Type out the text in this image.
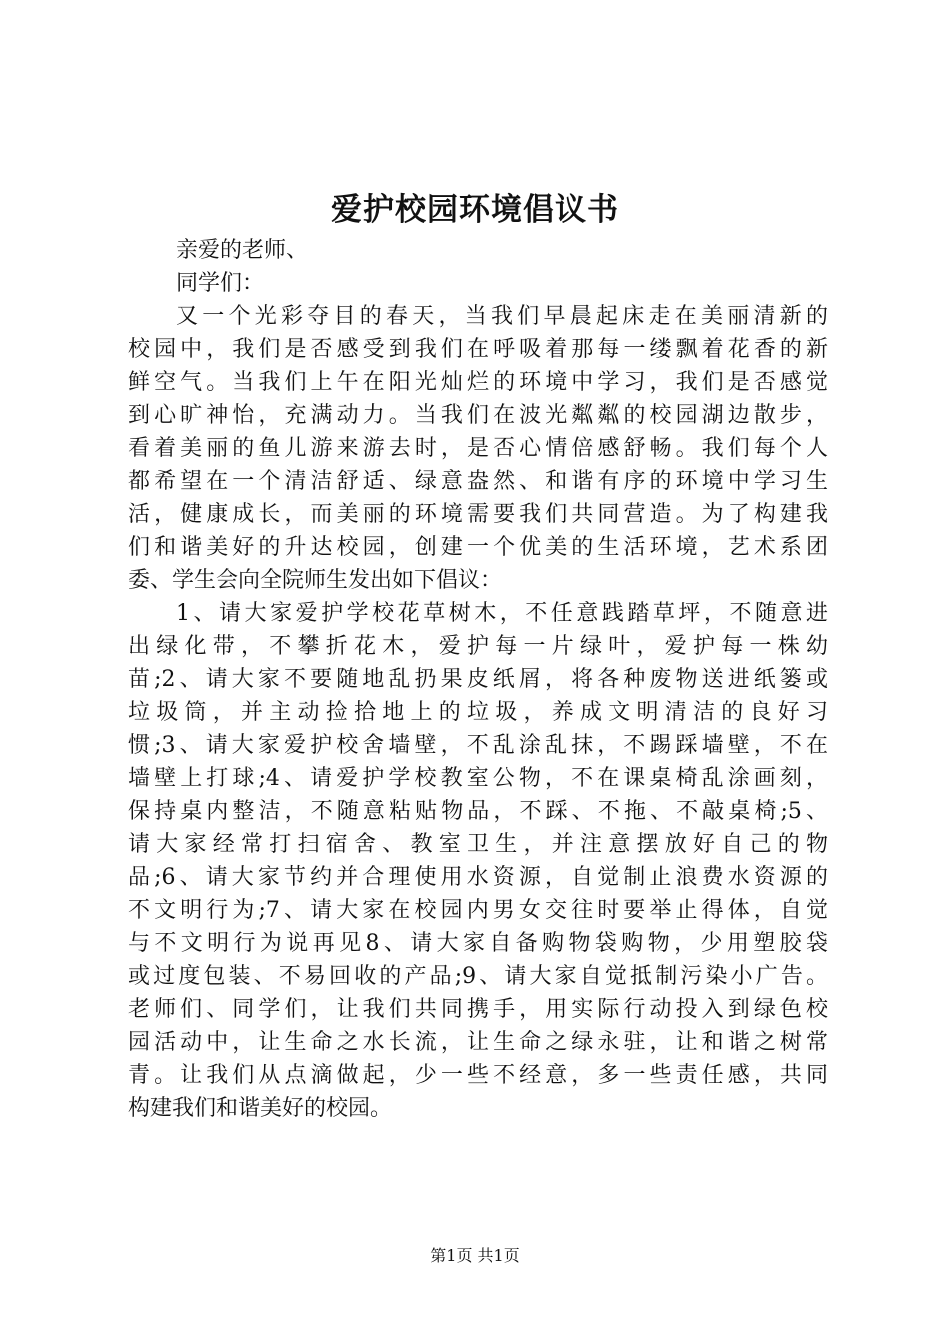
爱护校园环境倡议书
亲爱的老师、
同学们：
又一个光彩夺目的春天，当我们早晨起床走在美丽清新的
校园中，我们是否感受到我们在呼吸着那每一缕飘着花香的新
鲜空气。当我们上午在阳光灿烂的环境中学习，我们是否感觉
到心旷神怡，充满动力。当我们在波光粼粼的校园湖边散步，
看着美丽的鱼儿游来游去时，是否心情倍感舒畅。我们每个人
都希望在一个清洁舒适、绿意盎然、和谐有序的环境中学习生
活，健康成长，而美丽的环境需要我们共同营造。为了构建我
们和谐美好的升达校园，创建一个优美的生活环境，艺术系团
委、学生会向全院师生发出如下倡议：
1、请大家爱护学校花草树木，不任意践踏草坪，不随意进
出绿化带，不攀折花木，爱护每一片绿叶，爱护每一株幼
苗;2、请大家不要随地乱扔果皮纸屑，将各种废物送进纸篓或
垃圾筒，并主动捡拾地上的垃圾，养成文明清洁的良好习
惯;3、请大家爱护校舍墙壁，不乱涂乱抹，不踢踩墙壁，不在
墙壁上打球;4、请爱护学校教室公物，不在课桌椅乱涂画刻，
保持桌内整洁，不随意粘贴物品，不踩、不拖、不敲桌椅;5、
请大家经常打扫宿舍、教室卫生，并注意摆放好自己的物
品;6、请大家节约并合理使用水资源，自觉制止浪费水资源的
不文明行为;7、请大家在校园内男女交往时要举止得体，自觉
与不文明行为说再见8、请大家自备购物袋购物，少用塑胶袋
或过度包装、不易回收的产品;9、请大家自觉抵制污染小广告。
老师们、同学们，让我们共同携手，用实际行动投入到绿色校
园活动中，让生命之水长流，让生命之绿永驻，让和谐之树常
青。让我们从点滴做起，少一些不经意，多一些责任感，共同
构建我们和谐美好的校园。
第1页 共1页
